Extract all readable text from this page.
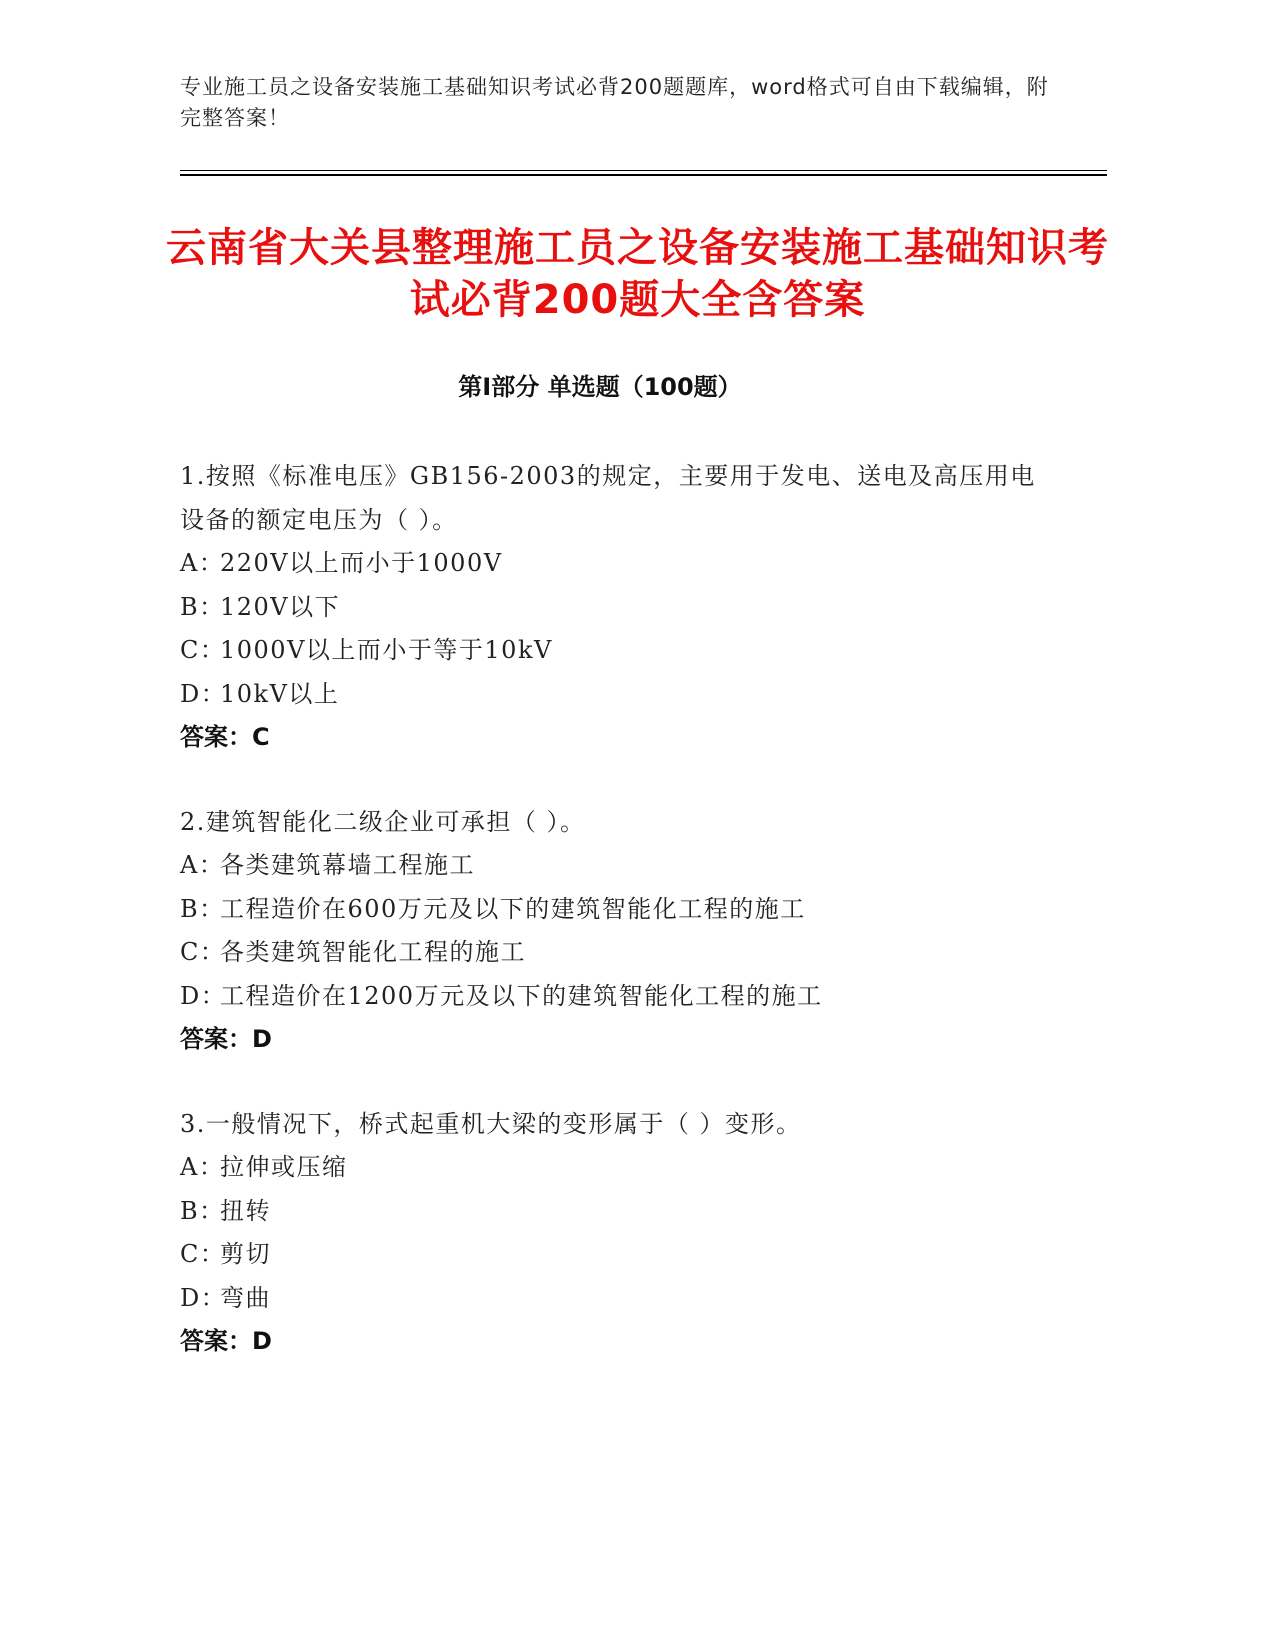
专业施工员之设备安装施工基础知识考试必背200题题库，word格式可自由下载编辑，附完整答案！
云南省大关县整理施工员之设备安装施工基础知识考试必背200题大全含答案
第Ⅰ部分 单选题（100题）

1.按照《标准电压》GB156-2003的规定，主要用于发电、送电及高压用电设备的额定电压为（ ）。

A：220V以上而小于1000V

B：120V以下

C：1000V以上而小于等于10kV

D：10kV以上

答案：C

2.建筑智能化二级企业可承担（ ）。

A：各类建筑幕墙工程施工

B：工程造价在600万元及以下的建筑智能化工程的施工

C：各类建筑智能化工程的施工

D：工程造价在1200万元及以下的建筑智能化工程的施工

答案：D

3.一般情况下，桥式起重机大梁的变形属于（ ）变形。

A：拉伸或压缩

B：扭转

C：剪切

D：弯曲

答案：D
